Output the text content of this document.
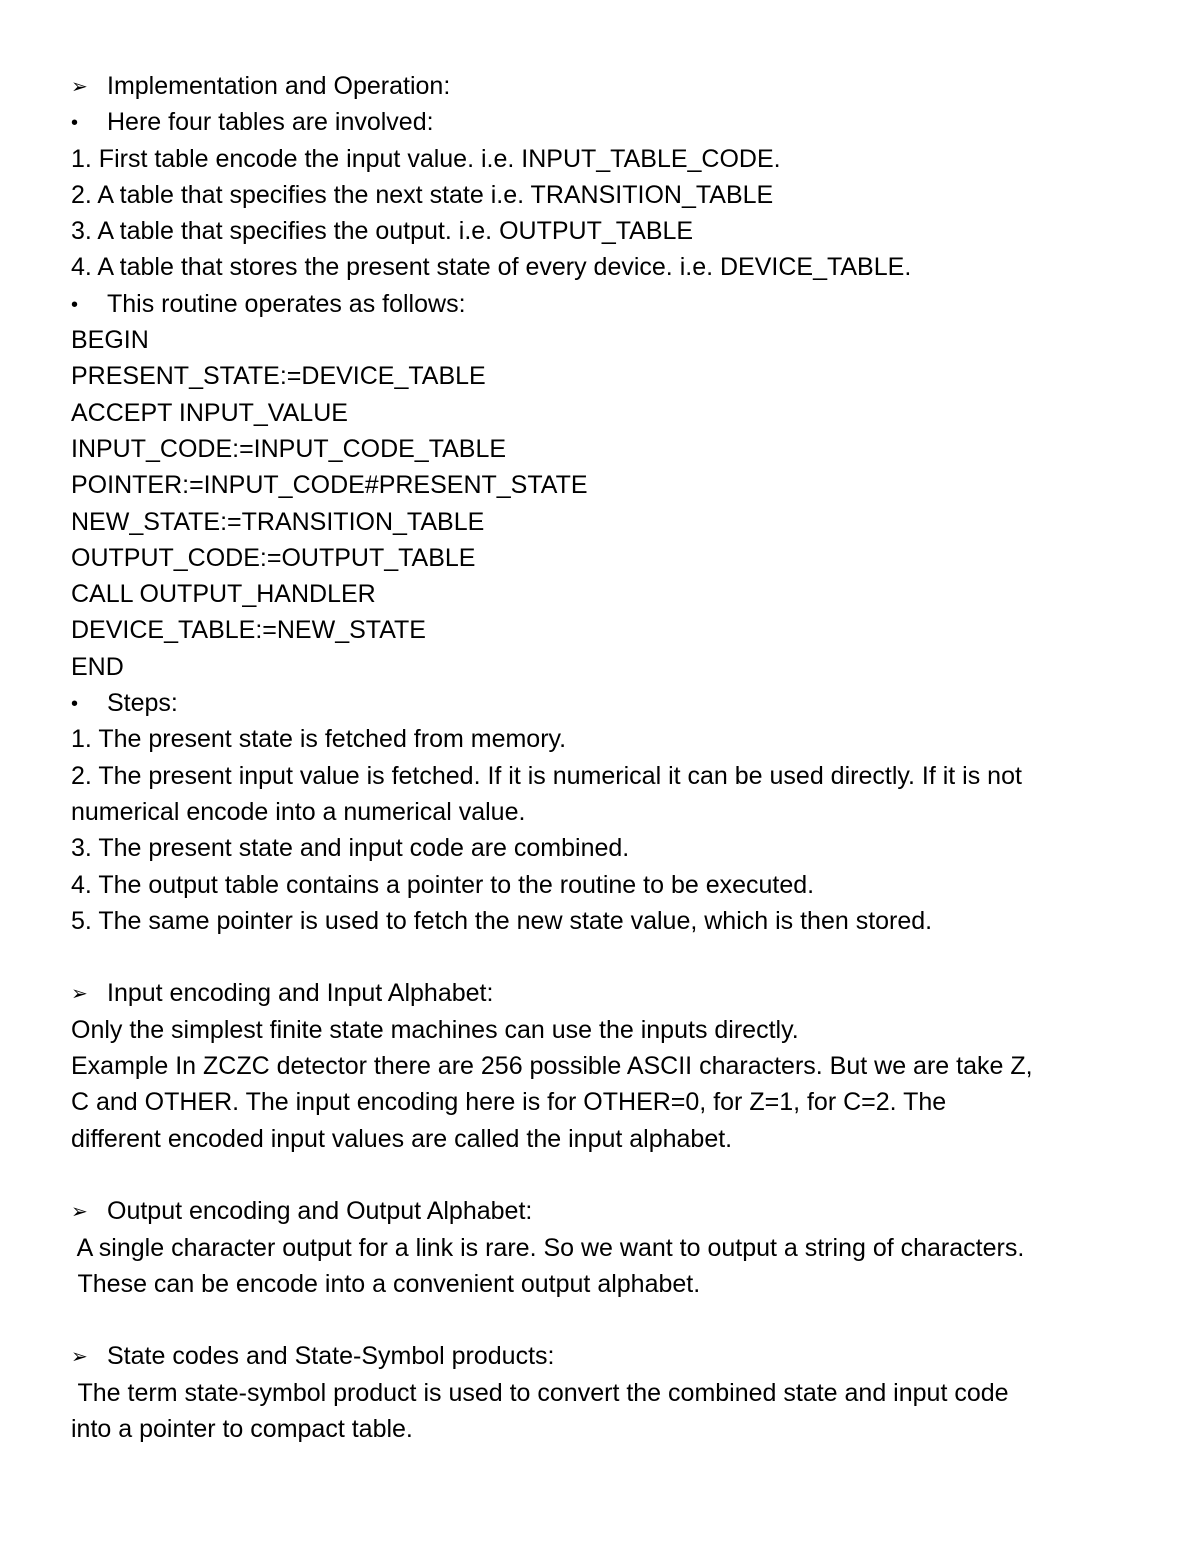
➢ Implementation and Operation:
• Here four tables are involved:
1. First table encode the input value. i.e. INPUT_TABLE_CODE.
2. A table that specifies the next state i.e. TRANSITION_TABLE
3. A table that specifies the output. i.e. OUTPUT_TABLE
4. A table that stores the present state of every device. i.e. DEVICE_TABLE.
• This routine operates as follows:
BEGIN
PRESENT_STATE:=DEVICE_TABLE
ACCEPT INPUT_VALUE
INPUT_CODE:=INPUT_CODE_TABLE
POINTER:=INPUT_CODE#PRESENT_STATE
NEW_STATE:=TRANSITION_TABLE
OUTPUT_CODE:=OUTPUT_TABLE
CALL OUTPUT_HANDLER
DEVICE_TABLE:=NEW_STATE
END
• Steps:
1. The present state is fetched from memory.
2. The present input value is fetched. If it is numerical it can be used directly. If it is not
numerical encode into a numerical value.
3. The present state and input code are combined.
4. The output table contains a pointer to the routine to be executed.
5. The same pointer is used to fetch the new state value, which is then stored.
➢ Input encoding and Input Alphabet:
Only the simplest finite state machines can use the inputs directly.
Example In ZCZC detector there are 256 possible ASCII characters. But we are take Z,
C and OTHER. The input encoding here is for OTHER=0, for Z=1, for C=2. The
different encoded input values are called the input alphabet.
➢ Output encoding and Output Alphabet:
A single character output for a link is rare. So we want to output a string of characters.
These can be encode into a convenient output alphabet.
➢ State codes and State-Symbol products:
The term state-symbol product is used to convert the combined state and input code
into a pointer to compact table.
